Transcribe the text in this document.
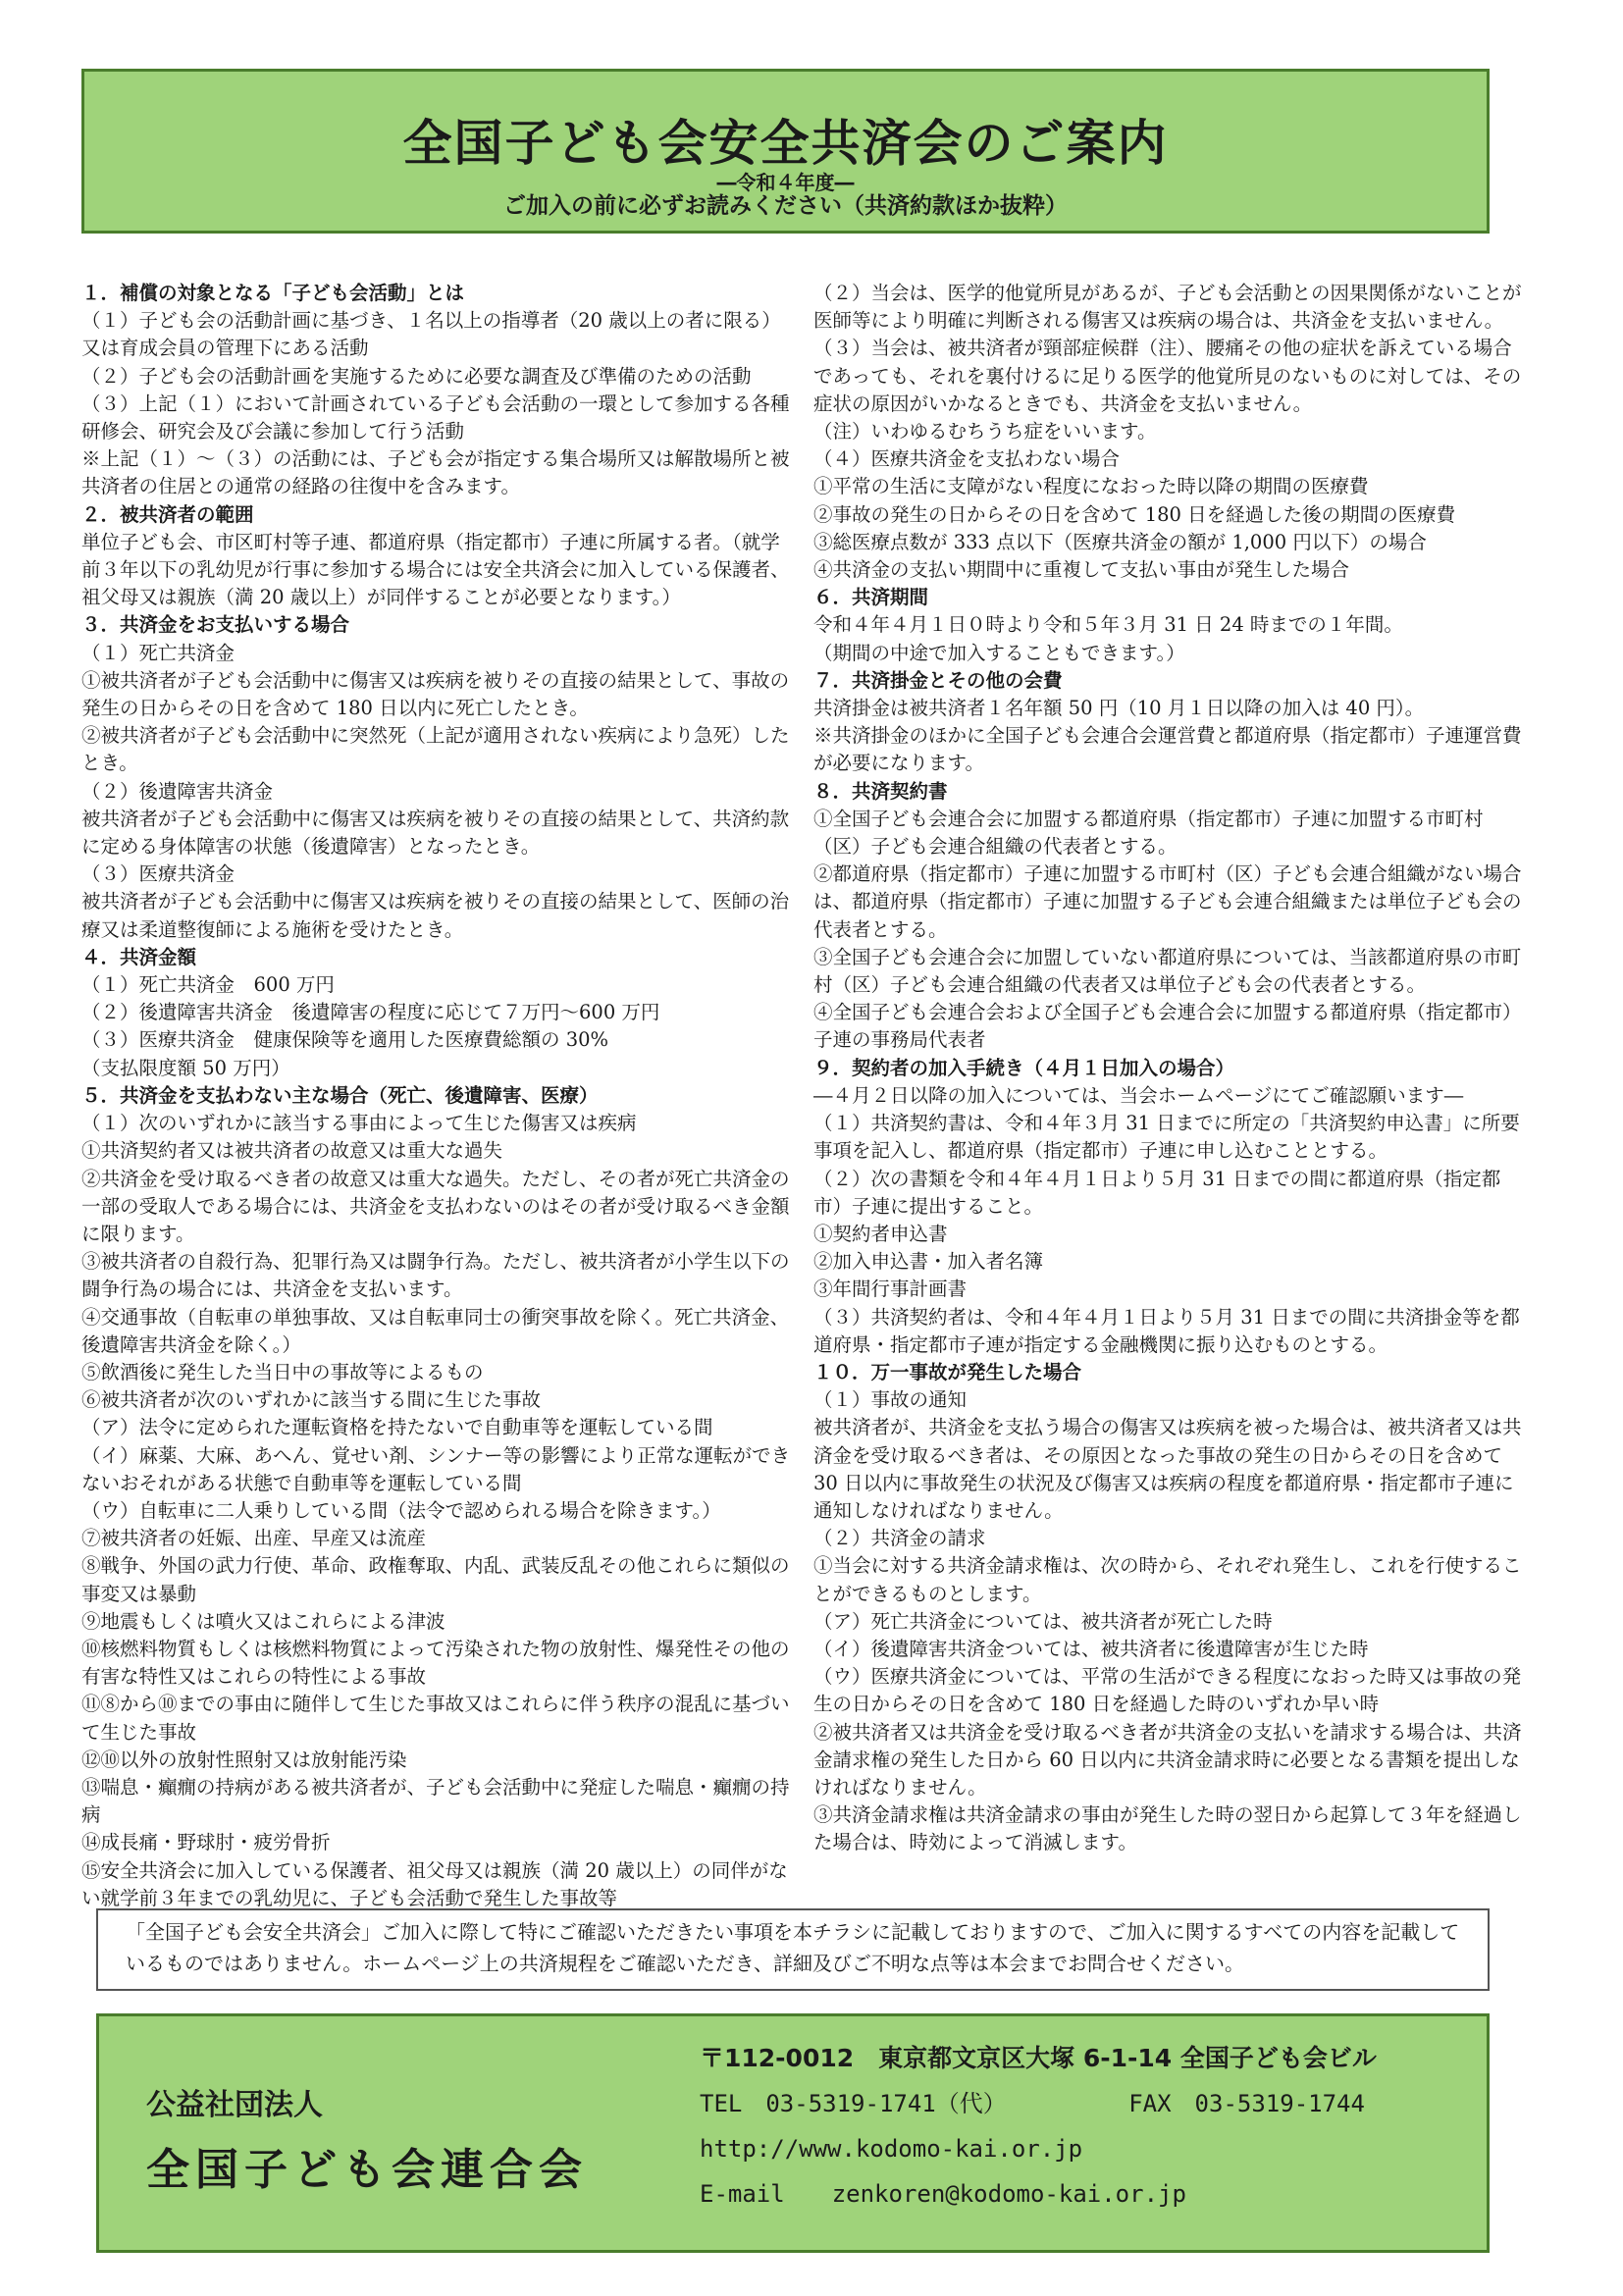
全国子ども会安全共済会のご案内
―令和４年度―
ご加入の前に必ずお読みください（共済約款ほか抜粋）

１．補償の対象となる「子ども会活動」とは

（１）子ども会の活動計画に基づき、１名以上の指導者（20 歳以上の者に限る）又は育成会員の管理下にある活動

（２）子ども会の活動計画を実施するために必要な調査及び準備のための活動

（３）上記（１）において計画されている子ども会活動の一環として参加する各種研修会、研究会及び会議に参加して行う活動

※上記（１）～（３）の活動には、子ども会が指定する集合場所又は解散場所と被共済者の住居との通常の経路の往復中を含みます。

２．被共済者の範囲

単位子ども会、市区町村等子連、都道府県（指定都市）子連に所属する者。（就学前３年以下の乳幼児が行事に参加する場合には安全共済会に加入している保護者、祖父母又は親族（満 20 歳以上）が同伴することが必要となります。）

３．共済金をお支払いする場合

（１）死亡共済金

①被共済者が子ども会活動中に傷害又は疾病を被りその直接の結果として、事故の発生の日からその日を含めて 180 日以内に死亡したとき。

②被共済者が子ども会活動中に突然死（上記が適用されない疾病により急死）したとき。

（２）後遺障害共済金

被共済者が子ども会活動中に傷害又は疾病を被りその直接の結果として、共済約款に定める身体障害の状態（後遺障害）となったとき。

（３）医療共済金

被共済者が子ども会活動中に傷害又は疾病を被りその直接の結果として、医師の治療又は柔道整復師による施術を受けたとき。

４．共済金額

（１）死亡共済金　600 万円

（２）後遺障害共済金　後遺障害の程度に応じて７万円～600 万円

（３）医療共済金　健康保険等を適用した医療費総額の 30%

（支払限度額 50 万円）

５．共済金を支払わない主な場合（死亡、後遺障害、医療）

（１）次のいずれかに該当する事由によって生じた傷害又は疾病

①共済契約者又は被共済者の故意又は重大な過失

②共済金を受け取るべき者の故意又は重大な過失。ただし、その者が死亡共済金の一部の受取人である場合には、共済金を支払わないのはその者が受け取るべき金額に限ります。

③被共済者の自殺行為、犯罪行為又は闘争行為。ただし、被共済者が小学生以下の闘争行為の場合には、共済金を支払います。

④交通事故（自転車の単独事故、又は自転車同士の衝突事故を除く。死亡共済金、後遺障害共済金を除く。）

⑤飲酒後に発生した当日中の事故等によるもの

⑥被共済者が次のいずれかに該当する間に生じた事故

（ア）法令に定められた運転資格を持たないで自動車等を運転している間

（イ）麻薬、大麻、あへん、覚せい剤、シンナー等の影響により正常な運転ができないおそれがある状態で自動車等を運転している間

（ウ）自転車に二人乗りしている間（法令で認められる場合を除きます。）

⑦被共済者の妊娠、出産、早産又は流産

⑧戦争、外国の武力行使、革命、政権奪取、内乱、武装反乱その他これらに類似の事変又は暴動

⑨地震もしくは噴火又はこれらによる津波

⑩核燃料物質もしくは核燃料物質によって汚染された物の放射性、爆発性その他の有害な特性又はこれらの特性による事故

⑪⑧から⑩までの事由に随伴して生じた事故又はこれらに伴う秩序の混乱に基づいて生じた事故

⑫⑩以外の放射性照射又は放射能汚染

⑬喘息・癲癇の持病がある被共済者が、子ども会活動中に発症した喘息・癲癇の持病

⑭成長痛・野球肘・疲労骨折

⑮安全共済会に加入している保護者、祖父母又は親族（満 20 歳以上）の同伴がない就学前３年までの乳幼児に、子ども会活動で発生した事故等

（２）当会は、医学的他覚所見があるが、子ども会活動との因果関係がないことが医師等により明確に判断される傷害又は疾病の場合は、共済金を支払いません。

（３）当会は、被共済者が頸部症候群（注）、腰痛その他の症状を訴えている場合であっても、それを裏付けるに足りる医学的他覚所見のないものに対しては、その症状の原因がいかなるときでも、共済金を支払いません。

（注）いわゆるむちうち症をいいます。

（４）医療共済金を支払わない場合

①平常の生活に支障がない程度になおった時以降の期間の医療費

②事故の発生の日からその日を含めて 180 日を経過した後の期間の医療費

③総医療点数が 333 点以下（医療共済金の額が 1,000 円以下）の場合

④共済金の支払い期間中に重複して支払い事由が発生した場合

６．共済期間

令和４年４月１日０時より令和５年３月 31 日 24 時までの１年間。

（期間の中途で加入することもできます。）

７．共済掛金とその他の会費

共済掛金は被共済者１名年額 50 円（10 月１日以降の加入は 40 円）。

※共済掛金のほかに全国子ども会連合会運営費と都道府県（指定都市）子連運営費が必要になります。

８．共済契約書

①全国子ども会連合会に加盟する都道府県（指定都市）子連に加盟する市町村（区）子ども会連合組織の代表者とする。

②都道府県（指定都市）子連に加盟する市町村（区）子ども会連合組織がない場合は、都道府県（指定都市）子連に加盟する子ども会連合組織または単位子ども会の代表者とする。

③全国子ども会連合会に加盟していない都道府県については、当該都道府県の市町村（区）子ども会連合組織の代表者又は単位子ども会の代表者とする。

④全国子ども会連合会および全国子ども会連合会に加盟する都道府県（指定都市）子連の事務局代表者

９．契約者の加入手続き（４月１日加入の場合）

―４月２日以降の加入については、当会ホームページにてご確認願います―

（１）共済契約書は、令和４年３月 31 日までに所定の「共済契約申込書」に所要事項を記入し、都道府県（指定都市）子連に申し込むこととする。

（２）次の書類を令和４年４月１日より５月 31 日までの間に都道府県（指定都市）子連に提出すること。

①契約者申込書

②加入申込書・加入者名簿

③年間行事計画書

（３）共済契約者は、令和４年４月１日より５月 31 日までの間に共済掛金等を都道府県・指定都市子連が指定する金融機関に振り込むものとする。

１０．万一事故が発生した場合

（１）事故の通知

被共済者が、共済金を支払う場合の傷害又は疾病を被った場合は、被共済者又は共済金を受け取るべき者は、その原因となった事故の発生の日からその日を含めて 30 日以内に事故発生の状況及び傷害又は疾病の程度を都道府県・指定都市子連に通知しなければなりません。

（２）共済金の請求

①当会に対する共済金請求権は、次の時から、それぞれ発生し、これを行使することができるものとします。

（ア）死亡共済金については、被共済者が死亡した時

（イ）後遺障害共済金ついては、被共済者に後遺障害が生じた時

（ウ）医療共済金については、平常の生活ができる程度になおった時又は事故の発生の日からその日を含めて 180 日を経過した時のいずれか早い時

②被共済者又は共済金を受け取るべき者が共済金の支払いを請求する場合は、共済金請求権の発生した日から 60 日以内に共済金請求時に必要となる書類を提出しなければなりません。

③共済金請求権は共済金請求の事由が発生した時の翌日から起算して３年を経過した場合は、時効によって消滅します。

「全国子ども会安全共済会」ご加入に際して特にご確認いただきたい事項を本チラシに記載しておりますので、ご加入に関するすべての内容を記載しているものではありません。ホームページ上の共済規程をご確認いただき、詳細及びご不明な点等は本会までお問合せください。
公益社団法人
全国子ども会連合会
〒112-0012　東京都文京区大塚 6-1-14 全国子ども会ビル
TEL　03-5319-1741（代）	FAX　03-5319-1744
http://www.kodomo-kai.or.jp
E-mail　　zenkoren@kodomo-kai.or.jp
